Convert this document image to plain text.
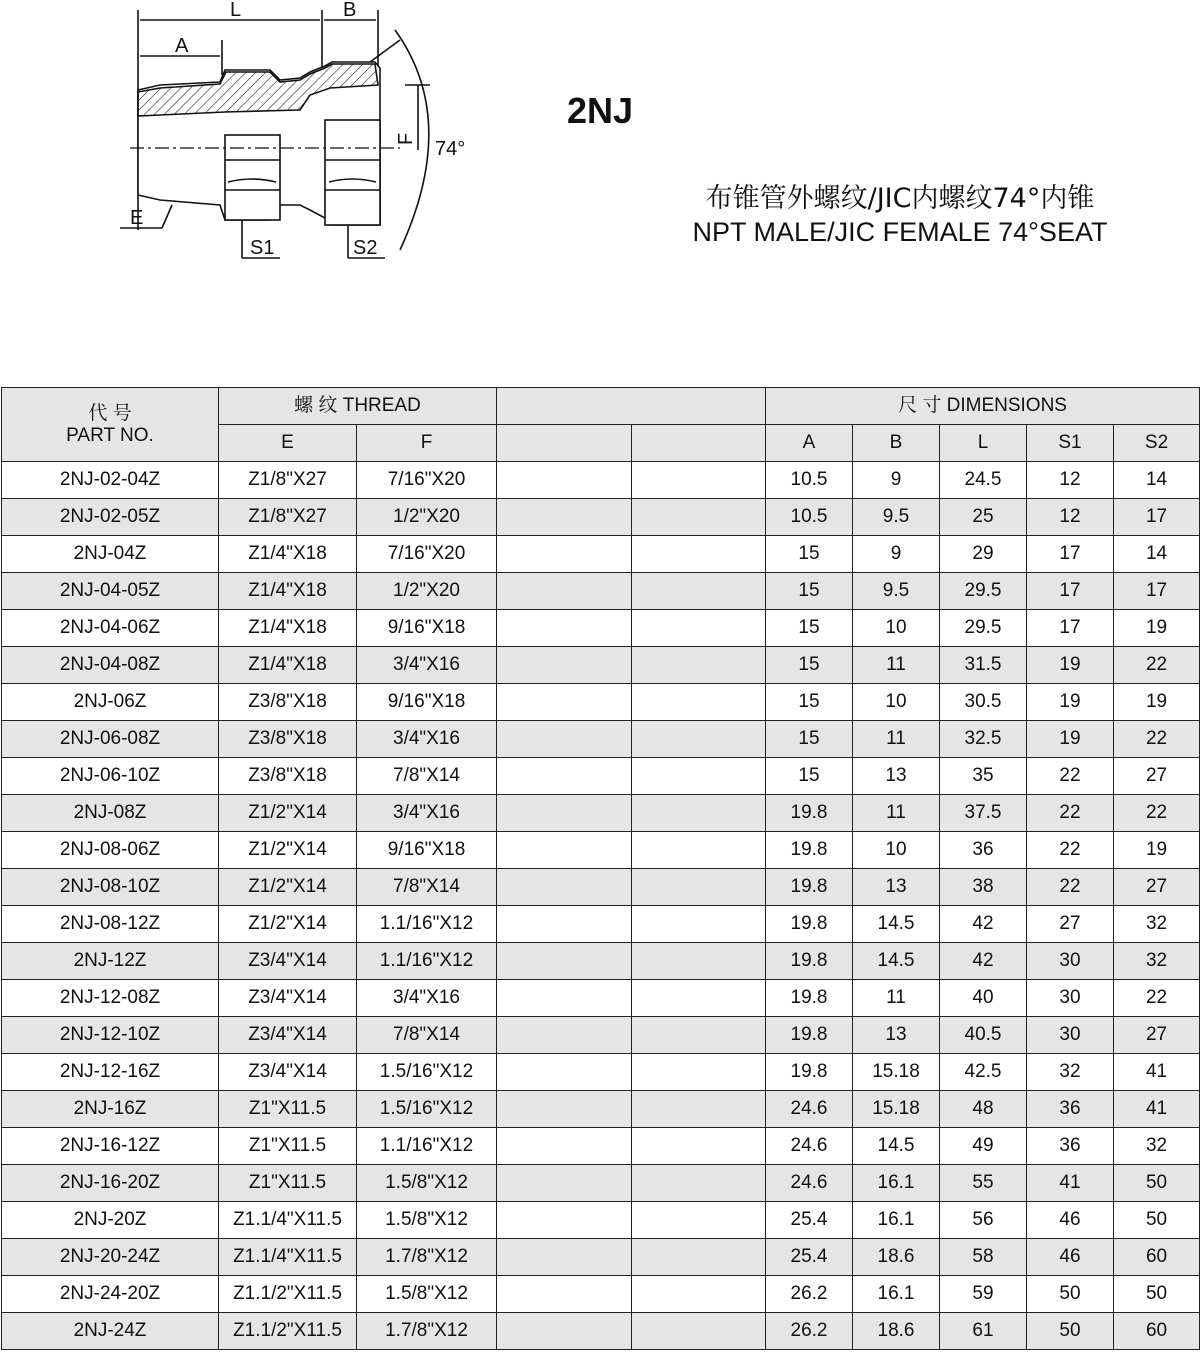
L	B
A
F 74°
E
S1	S2
2NJ
布锥管外螺纹/JIC内螺纹74°内锥
NPT MALE/JIC FEMALE 74°SEAT
代 号
PART NO.	螺 纹 THREAD				尺 寸 DIMENSIONS				
	E	F			A	B	L	S1	S2
2NJ-02-04Z	Z1/8"X27	7/16"X20			10.5	9	24.5	12	14
2NJ-02-05Z	Z1/8"X27	1/2"X20			10.5	9.5	25	12	17
2NJ-04Z	Z1/4"X18	7/16"X20			15	9	29	17	14
2NJ-04-05Z	Z1/4"X18	1/2"X20			15	9.5	29.5	17	17
2NJ-04-06Z	Z1/4"X18	9/16"X18			15	10	29.5	17	19
2NJ-04-08Z	Z1/4"X18	3/4"X16			15	11	31.5	19	22
2NJ-06Z	Z3/8"X18	9/16"X18			15	10	30.5	19	19
2NJ-06-08Z	Z3/8"X18	3/4"X16			15	11	32.5	19	22
2NJ-06-10Z	Z3/8"X18	7/8"X14			15	13	35	22	27
2NJ-08Z	Z1/2"X14	3/4"X16			19.8	11	37.5	22	22
2NJ-08-06Z	Z1/2"X14	9/16"X18			19.8	10	36	22	19
2NJ-08-10Z	Z1/2"X14	7/8"X14			19.8	13	38	22	27
2NJ-08-12Z	Z1/2"X14	1.1/16"X12			19.8	14.5	42	27	32
2NJ-12Z	Z3/4"X14	1.1/16"X12			19.8	14.5	42	30	32
2NJ-12-08Z	Z3/4"X14	3/4"X16			19.8	11	40	30	22
2NJ-12-10Z	Z3/4"X14	7/8"X14			19.8	13	40.5	30	27
2NJ-12-16Z	Z3/4"X14	1.5/16"X12			19.8	15.18	42.5	32	41
2NJ-16Z	Z1"X11.5	1.5/16"X12			24.6	15.18	48	36	41
2NJ-16-12Z	Z1"X11.5	1.1/16"X12			24.6	14.5	49	36	32
2NJ-16-20Z	Z1"X11.5	1.5/8"X12			24.6	16.1	55	41	50
2NJ-20Z	Z1.1/4"X11.5	1.5/8"X12			25.4	16.1	56	46	50
2NJ-20-24Z	Z1.1/4"X11.5	1.7/8"X12			25.4	18.6	58	46	60
2NJ-24-20Z	Z1.1/2"X11.5	1.5/8"X12			26.2	16.1	59	50	50
2NJ-24Z	Z1.1/2"X11.5	1.7/8"X12			26.2	18.6	61	50	60
